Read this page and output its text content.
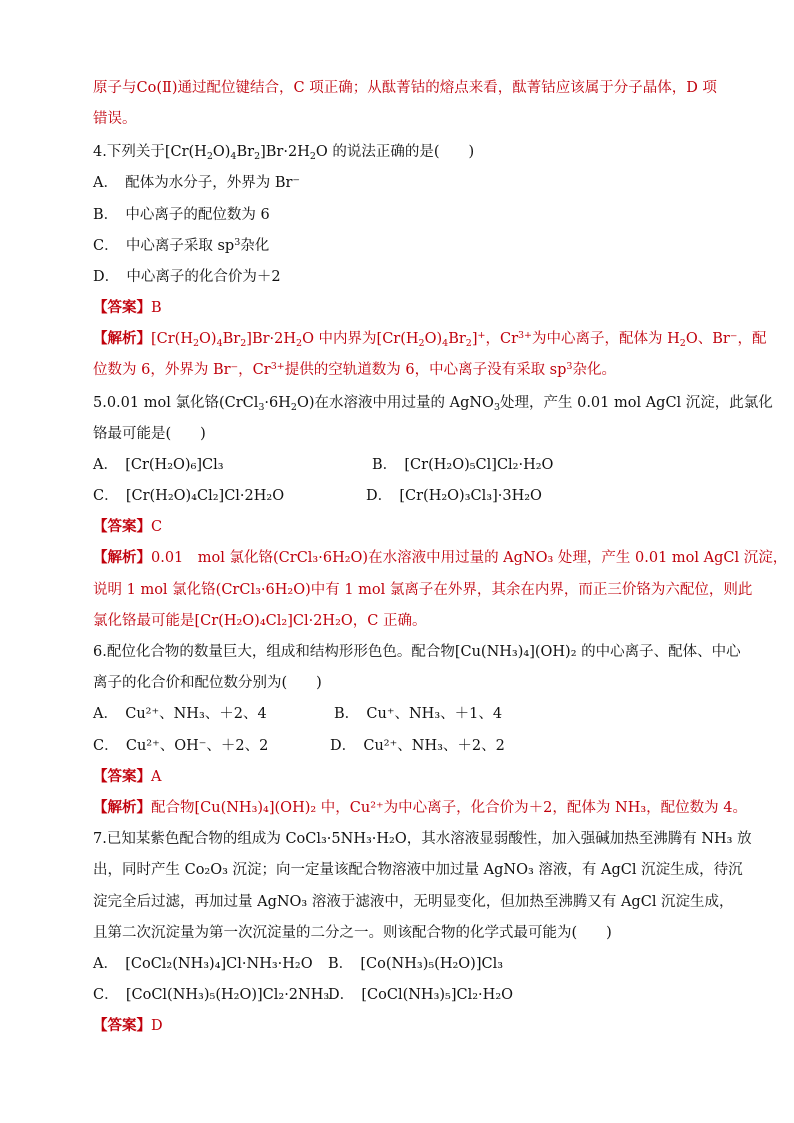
原子与Co(Ⅱ)通过配位键结合，C 项正确；从酞菁钴的熔点来看，酞菁钴应该属于分子晶体，D 项
错误。
4.下列关于$[Cr(H_2O)_4Br_2]Br\cdot 2H_2O$ 的说法正确的是(　　)
A．　配体为水分子，外界为 Br⁻
B．　中心离子的配位数为 6
C．　中心离子采取 $sp^3$杂化
D．　中心离子的化合价为＋2
【答案】B
【解析】$[Cr(H_2O)_4Br_2]Br\cdot 2H_2O$ 中内界为$[Cr(H_2O)_4Br_2]^+$，$Cr^{3+}$为中心离子，配体为 $H_2O$、Br⁻，配
位数为 6，外界为 Br⁻，$Cr^{3+}$提供的空轨道数为 6，中心离子没有采取 $sp^3$杂化。
5.0.01 mol 氯化铬$(CrCl_3\cdot 6H_2O)$在水溶液中用过量的 AgNO$_3$处理，产生 0.01 mol AgCl 沉淀，此氯化
铬最可能是(　　)
A．　[Cr(H₂O)₆]Cl₃	B．　[Cr(H₂O)₅Cl]Cl₂·H₂O
C．　[Cr(H₂O)₄Cl₂]Cl·2H₂O	D．　[Cr(H₂O)₃Cl₃]·3H₂O
【答案】C
【解析】0.01　mol 氯化铬(CrCl₃·6H₂O)在水溶液中用过量的 AgNO₃ 处理，产生 0.01 mol AgCl 沉淀，
说明 1 mol 氯化铬(CrCl₃·6H₂O)中有 1 mol 氯离子在外界，其余在内界，而正三价铬为六配位，则此
氯化铬最可能是[Cr(H₂O)₄Cl₂]Cl·2H₂O，C 正确。
6.配位化合物的数量巨大，组成和结构形形色色。配合物[Cu(NH₃)₄](OH)₂ 的中心离子、配体、中心
离子的化合价和配位数分别为(　　)
A．　Cu²⁺、NH₃、＋2、4	B．　Cu⁺、NH₃、＋1、4
C．　Cu²⁺、OH⁻、＋2、2	D．　Cu²⁺、NH₃、＋2、2
【答案】A
【解析】配合物[Cu(NH₃)₄](OH)₂ 中，Cu²⁺为中心离子，化合价为＋2，配体为 NH₃，配位数为 4。
7.已知某紫色配合物的组成为 CoCl₃·5NH₃·H₂O，其水溶液显弱酸性，加入强碱加热至沸腾有 NH₃ 放
出，同时产生 Co₂O₃ 沉淀；向一定量该配合物溶液中加过量 AgNO₃ 溶液，有 AgCl 沉淀生成，待沉
淀完全后过滤，再加过量 AgNO₃ 溶液于滤液中，无明显变化，但加热至沸腾又有 AgCl 沉淀生成，
且第二次沉淀量为第一次沉淀量的二分之一。则该配合物的化学式最可能为(　　)
A．　[CoCl₂(NH₃)₄]Cl·NH₃·H₂O B．　[Co(NH₃)₅(H₂O)]Cl₃
C．　[CoCl(NH₃)₅(H₂O)]Cl₂·2NH₃
D．　[CoCl(NH₃)₅]Cl₂·H₂O
【答案】D
